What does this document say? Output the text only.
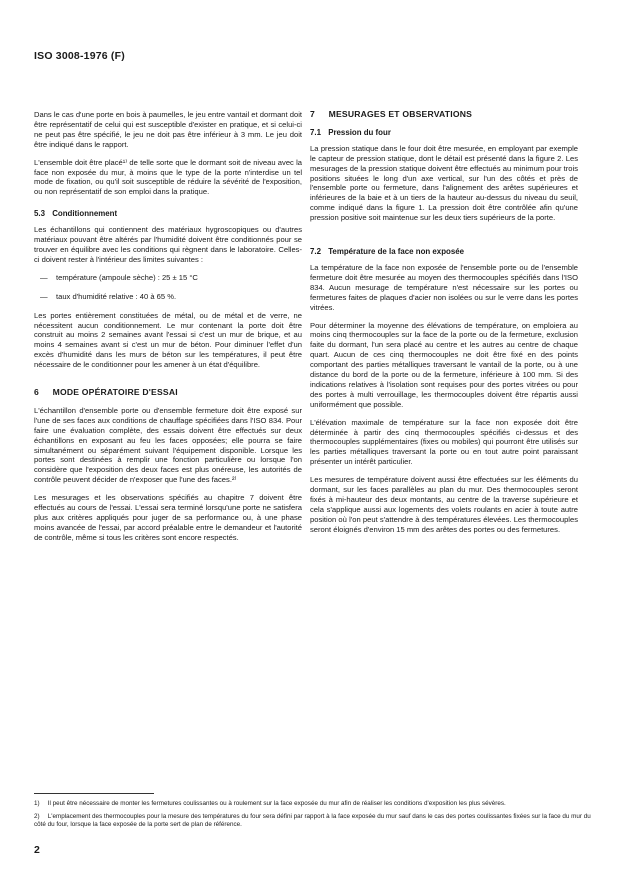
ISO 3008-1976 (F)

Dans le cas d'une porte en bois à paumelles, le jeu entre vantail et dormant doit être représentatif de celui qui est susceptible d'exister en pratique, et si celui-ci ne peut pas être spécifié, le jeu ne doit pas être inférieur à 3 mm. Le jeu doit être indiqué dans le rapport.

L'ensemble doit être placé¹⁾ de telle sorte que le dormant soit de niveau avec la face non exposée du mur, à moins que le type de la porte n'interdise un tel mode de fixation, ou qu'il soit susceptible de réduire la sévérité de l'exposition, ou non représentatif de son emploi dans la pratique.

5.3 Conditionnement

Les échantillons qui contiennent des matériaux hygroscopiques ou d'autres matériaux pouvant être altérés par l'humidité doivent être conditionnés pour se trouver en équilibre avec les conditions qui règnent dans le laboratoire. Celles-ci doivent rester à l'intérieur des limites suivantes :

— température (ampoule sèche) : 25 ± 15 °C
— taux d'humidité relative : 40 à 65 %.

Les portes entièrement constituées de métal, ou de métal et de verre, ne nécessitent aucun conditionnement. Le mur contenant la porte doit être construit au moins 2 semaines avant l'essai si c'est un mur de brique, et au moins 4 semaines avant si c'est un mur de béton. Pour diminuer l'effet d'un excès d'humidité dans les murs de béton sur les températures, il peut être nécessaire de le conditionner pour les amener à un état d'équilibre.

6 MODE OPÉRATOIRE D'ESSAI

L'échantillon d'ensemble porte ou d'ensemble fermeture doit être exposé sur l'une de ses faces aux conditions de chauffage spécifiées dans l'ISO 834. Pour faire une évaluation complète, des essais doivent être effectués sur deux échantillons en exposant au feu les faces opposées; elle pourra se faire simultanément ou séparément suivant l'équipement disponible. Lorsque les portes sont destinées à remplir une fonction particulière ou lorsque l'on considère que l'exposition des deux faces est plus onéreuse, les autorités de contrôle peuvent décider de n'exposer que l'une des faces.²⁾

Les mesurages et les observations spécifiés au chapitre 7 doivent être effectués au cours de l'essai. L'essai sera terminé lorsqu'une porte ne satisfera plus aux critères appliqués pour juger de sa performance ou, à une phase moins avancée de l'essai, par accord préalable entre le demandeur et l'autorité de contrôle, même si tous les critères sont encore respectés.

7 MESURAGES ET OBSERVATIONS
7.1 Pression du four

La pression statique dans le four doit être mesurée, en employant par exemple le capteur de pression statique, dont le détail est présenté dans la figure 2. Les mesurages de la pression statique doivent être effectués au minimum pour trois positions situées le long d'un axe vertical, sur l'un des côtés et près de l'ensemble porte ou fermeture, dans l'alignement des arêtes supérieures et inférieures de la baie et à un tiers de la hauteur au-dessus du niveau du seuil, comme indiqué dans la figure 1. La pression doit être contrôlée afin qu'une pression positive soit maintenue sur les deux tiers supérieurs de la porte.

7.2 Température de la face non exposée

La température de la face non exposée de l'ensemble porte ou de l'ensemble fermeture doit être mesurée au moyen des thermocouples spécifiés dans l'ISO 834. Aucun mesurage de température n'est nécessaire sur les portes ou fermetures faites de plaques d'acier non isolées ou sur le verre dans les portes vitrées.

Pour déterminer la moyenne des élévations de température, on emploiera au moins cinq thermocouples sur la face de la porte ou de la fermeture, exclusion faite du dormant, l'un sera placé au centre et les autres au centre de chaque quart. Aucun de ces cinq thermocouples ne doit être fixé en des points comportant des parties métalliques traversant le vantail de la porte, ou à une distance du bord de la porte ou de la fermeture, inférieure à 100 mm. Si des indications relatives à l'isolation sont requises pour des portes vitrées ou pour des portes à multi verrouillage, les thermocouples doivent être répartis aussi uniformément que possible.

L'élévation maximale de température sur la face non exposée doit être déterminée à partir des cinq thermocouples spécifiés ci-dessus et des thermocouples supplémentaires (fixes ou mobiles) qui pourront être utilisés sur les parties métalliques traversant la porte ou en tout autre point paraissant présenter un intérêt particulier.

Les mesures de température doivent aussi être effectuées sur les éléments du dormant, sur les faces parallèles au plan du mur. Des thermocouples seront fixés à mi-hauteur des deux montants, au centre de la traverse supérieure et cela s'applique aussi aux logements des volets roulants en acier à toute autre position où l'on peut s'attendre à des températures élevées. Les thermocouples seront éloignés d'environ 15 mm des arêtes des portes ou des fermetures.

1) Il peut être nécessaire de monter les fermetures coulissantes ou à roulement sur la face exposée du mur afin de réaliser les conditions d'exposition les plus sévères.

2) L'emplacement des thermocouples pour la mesure des températures du four sera défini par rapport à la face exposée du mur sauf dans le cas des portes coulissantes fixées sur la face du mur du côté du four, lorsque la face exposée de la porte sert de plan de référence.

2
